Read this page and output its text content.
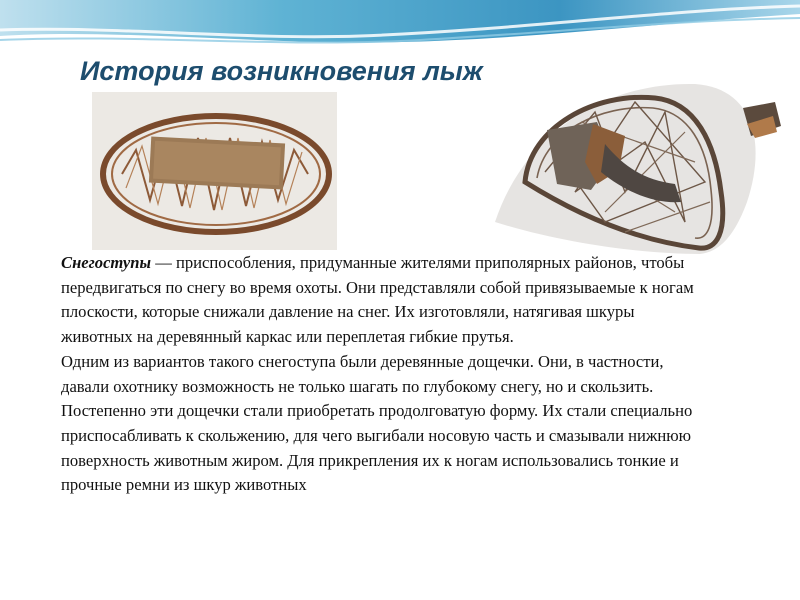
История возникновения лыж

Снегоступы — приспособления, придуманные жителями приполярных районов, чтобы передвигаться по снегу во время охоты. Они представляли собой привязываемые к ногам плоскости, которые снижали давление на снег. Их изготовляли, натягивая шкуры животных на деревянный каркас или переплетая гибкие прутья.

Одним из вариантов такого снегоступа были деревянные дощечки. Они, в частности, давали охотнику возможность не только шагать по глубокому снегу, но и скользить.

Постепенно эти дощечки стали приобретать продолговатую форму. Их стали специально приспосабливать к скольжению, для чего выгибали носовую часть и смазывали нижнюю поверхность животным жиром. Для прикрепления их к ногам использовались тонкие и прочные ремни из шкур животных
